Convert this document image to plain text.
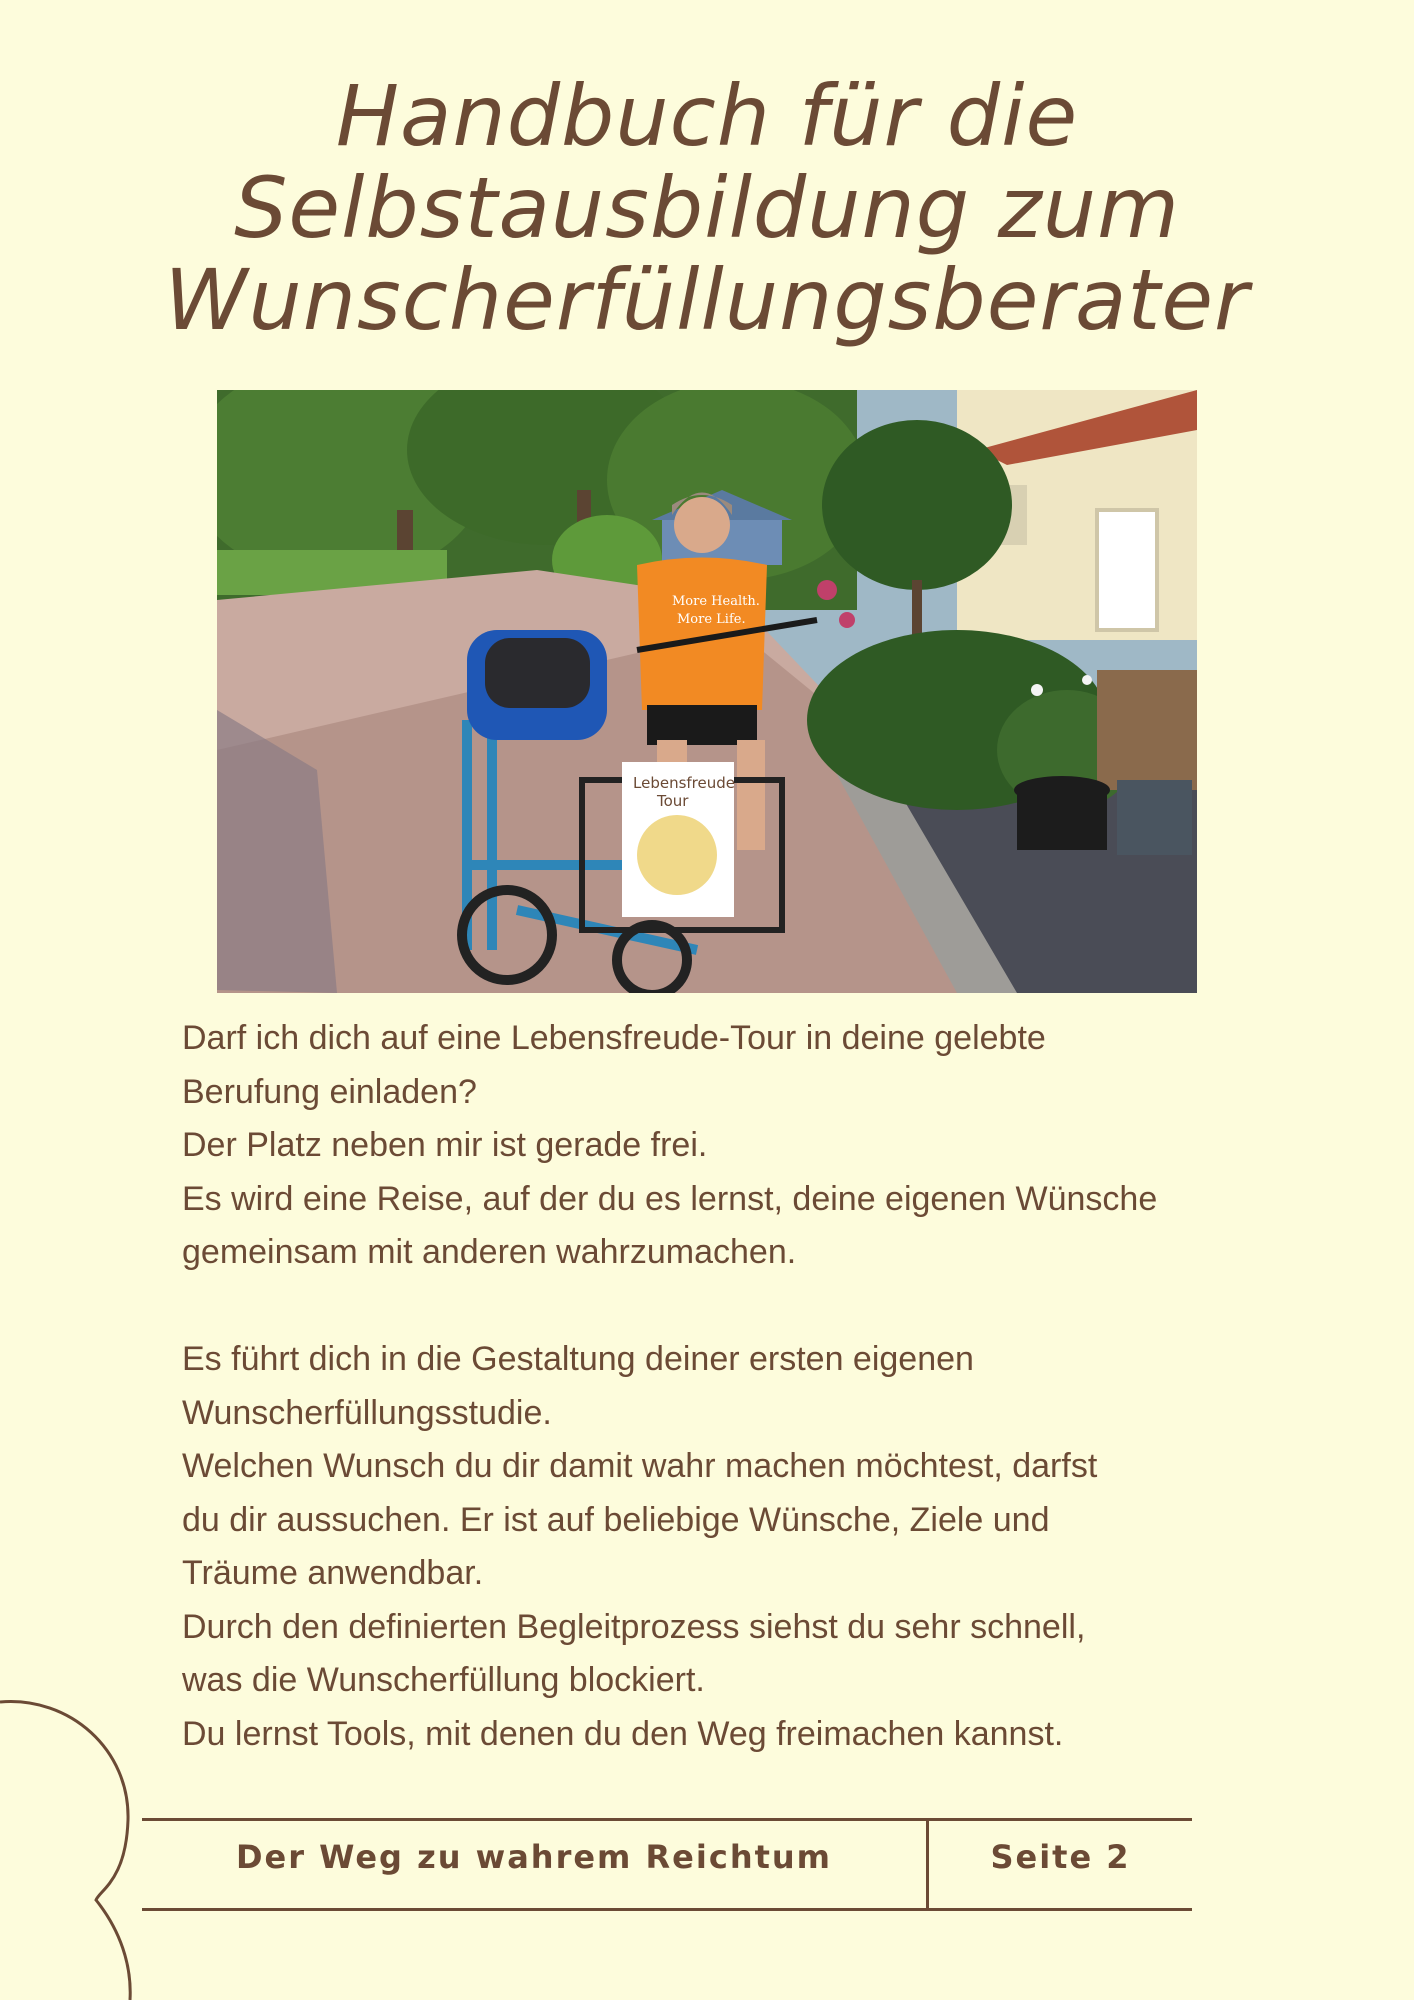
Handbuch für die
Selbstausbildung zum
Wunscherfüllungsberater
More Health.
More Life.
Lebensfreude
Tour

Darf ich dich auf eine Lebensfreude-Tour in deine gelebte

Berufung einladen?

Der Platz neben mir ist gerade frei.

Es wird eine Reise, auf der du es lernst, deine eigenen Wünsche

gemeinsam mit anderen wahrzumachen.

Es führt dich in die Gestaltung deiner ersten eigenen

Wunscherfüllungsstudie.

Welchen Wunsch du dir damit wahr machen möchtest, darfst

du dir aussuchen. Er ist auf beliebige Wünsche, Ziele und

Träume anwendbar.

Durch den definierten Begleitprozess siehst du sehr schnell,

was die Wunscherfüllung blockiert.

Du lernst Tools, mit denen du den Weg freimachen kannst.

Der Weg zu wahrem Reichtum	Seite 2
